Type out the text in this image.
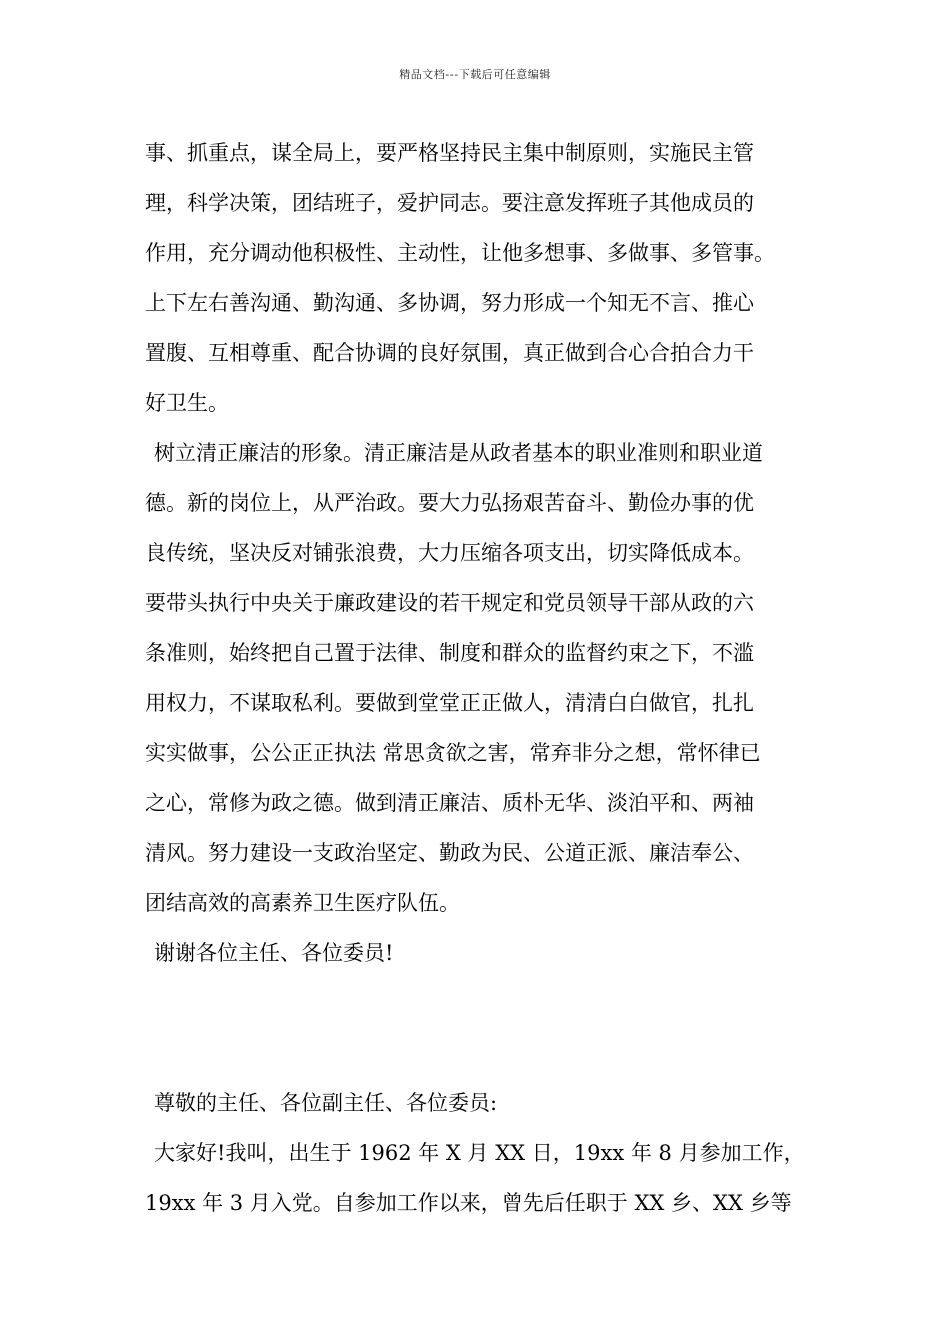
精品文档---下载后可任意编辑
事、抓重点，谋全局上，要严格坚持民主集中制原则，实施民主管
理，科学决策，团结班子，爱护同志。要注意发挥班子其他成员的
作用，充分调动他积极性、主动性，让他多想事、多做事、多管事。
上下左右善沟通、勤沟通、多协调，努力形成一个知无不言、推心
置腹、互相尊重、配合协调的良好氛围，真正做到合心合拍合力干
好卫生。
树立清正廉洁的形象。清正廉洁是从政者基本的职业准则和职业道
德。新的岗位上，从严治政。要大力弘扬艰苦奋斗、勤俭办事的优
良传统，坚决反对铺张浪费，大力压缩各项支出，切实降低成本。
要带头执行中央关于廉政建设的若干规定和党员领导干部从政的六
条准则，始终把自己置于法律、制度和群众的监督约束之下，不滥
用权力，不谋取私利。要做到堂堂正正做人，清清白白做官，扎扎
实实做事，公公正正执法 常思贪欲之害，常弃非分之想，常怀律已
之心，常修为政之德。做到清正廉洁、质朴无华、淡泊平和、两袖
清风。努力建设一支政治坚定、勤政为民、公道正派、廉洁奉公、
团结高效的高素养卫生医疗队伍。
谢谢各位主任、各位委员!
尊敬的主任、各位副主任、各位委员:
大家好!我叫，出生于 1962 年 X 月 XX 日，19xx 年 8 月参加工作，
19xx 年 3 月入党。自参加工作以来，曾先后任职于 XX 乡、XX 乡等
